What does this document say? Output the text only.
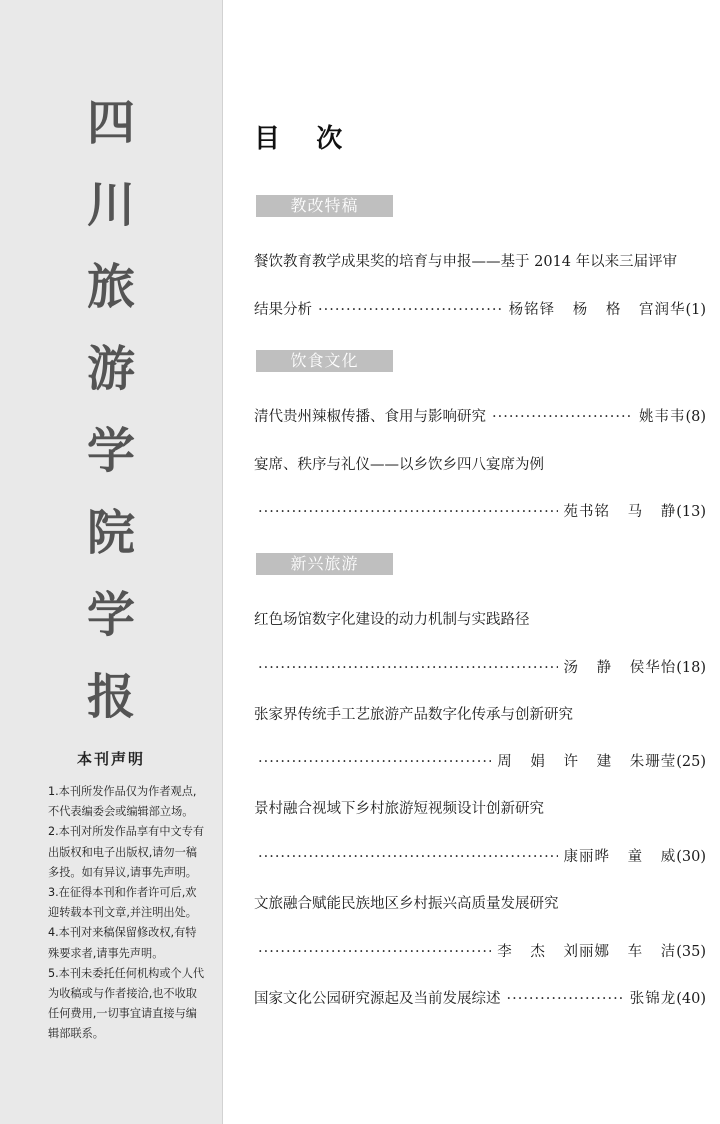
四
川
旅
游
学
院
学
报
本刊声明

1.本刊所发作品仅为作者观点,

不代表编委会或编辑部立场。

2.本刊对所发作品享有中文专有

出版权和电子出版权,请勿一稿

多投。如有异议,请事先声明。

3.在征得本刊和作者许可后,欢

迎转载本刊文章,并注明出处。

4.本刊对来稿保留修改权,有特

殊要求者,请事先声明。

5.本刊未委托任何机构或个人代

为收稿或与作者接洽,也不收取

任何费用,一切事宜请直接与编

辑部联系。

目    次
教改特稿
餐饮教育教学成果奖的培育与申报——基于 2014 年以来三届评审
结果分析 ·····	杨铭铎 杨 格 宫润华 (1)
饮食文化
清代贵州辣椒传播、食用与影响研究 ·····	姚韦韦 (8)
宴席、秩序与礼仪——以乡饮乡四八宴席为例
·····
苑书铭 马 静 (13)
新兴旅游
红色场馆数字化建设的动力机制与实践路径
·····
汤 静 侯华怡 (18)
张家界传统手工艺旅游产品数字化传承与创新研究
·····
周 娟 许 建 朱珊莹 (25)
景村融合视域下乡村旅游短视频设计创新研究
·····
康丽晔 童 威 (30)
文旅融合赋能民族地区乡村振兴高质量发展研究
·····
李 杰 刘丽娜 车 洁 (35)
国家文化公园研究源起及当前发展综述 ·····	张锦龙 (40)
